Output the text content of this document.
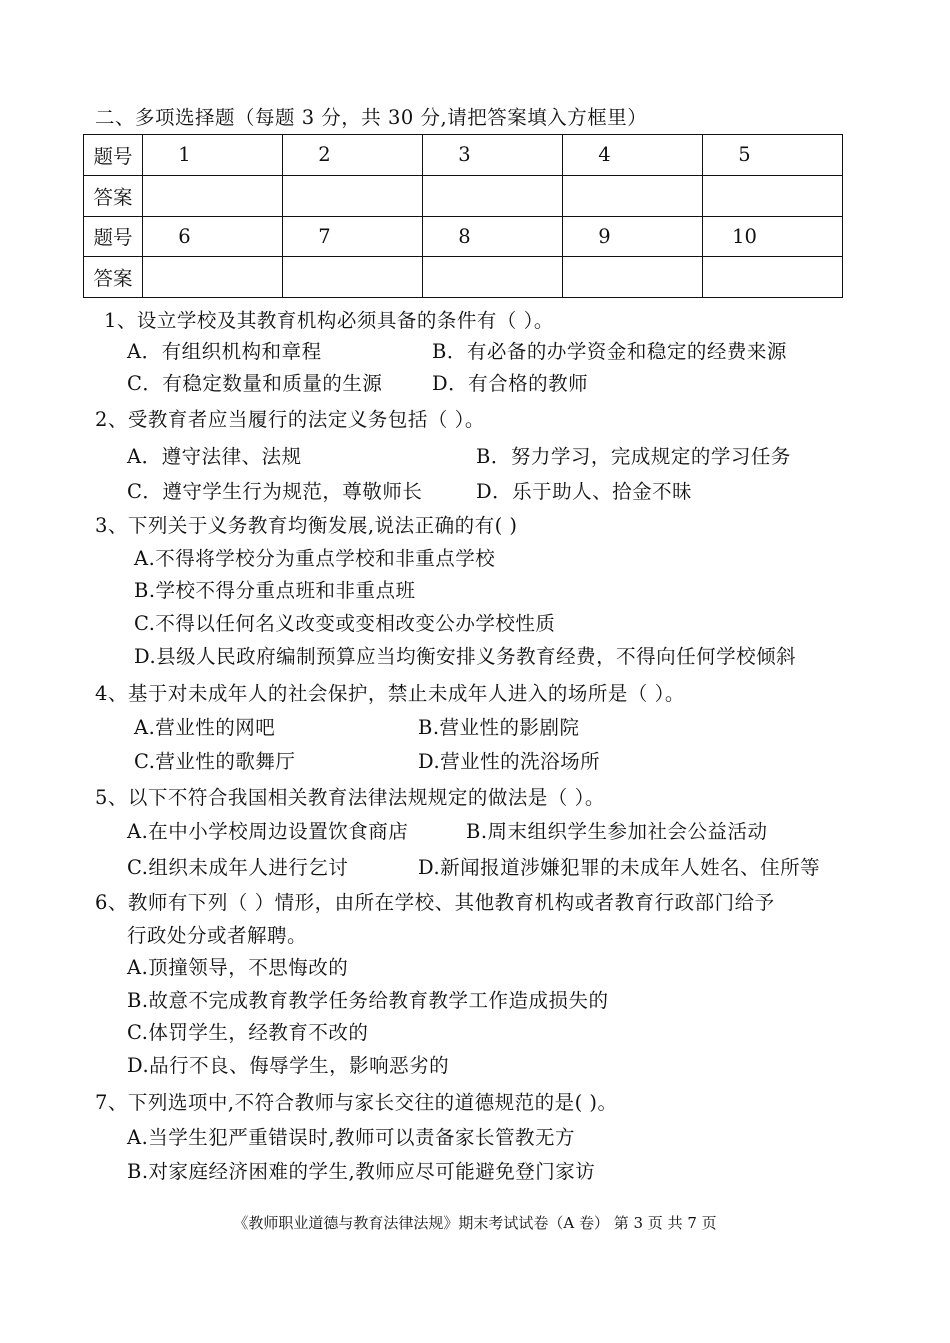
二、多项选择题（每题 3 分，共 30 分,请把答案填入方框里）
题号	1	2	3	4	5
答案					
题号	6	7	8	9	10
答案					
1、设立学校及其教育机构必须具备的条件有（ ）。
A．有组织机构和章程	B．有必备的办学资金和稳定的经费来源
C．有稳定数量和质量的生源	D．有合格的教师
2、受教育者应当履行的法定义务包括（ ）。
A．遵守法律、法规	B．努力学习，完成规定的学习任务
C．遵守学生行为规范，尊敬师长	D．乐于助人、拾金不昧
3、下列关于义务教育均衡发展,说法正确的有( )
A.不得将学校分为重点学校和非重点学校
B.学校不得分重点班和非重点班
C.不得以任何名义改变或变相改变公办学校性质
D.县级人民政府编制预算应当均衡安排义务教育经费，不得向任何学校倾斜
4、基于对未成年人的社会保护，禁止未成年人进入的场所是（ ）。
A.营业性的网吧	B.营业性的影剧院
C.营业性的歌舞厅	D.营业性的洗浴场所
5、以下不符合我国相关教育法律法规规定的做法是（ ）。
A.在中小学校周边设置饮食商店	B.周末组织学生参加社会公益活动
C.组织未成年人进行乞讨	D.新闻报道涉嫌犯罪的未成年人姓名、住所等
6、教师有下列（ ）情形，由所在学校、其他教育机构或者教育行政部门给予
行政处分或者解聘。
A.顶撞领导，不思悔改的
B.故意不完成教育教学任务给教育教学工作造成损失的
C.体罚学生，经教育不改的
D.品行不良、侮辱学生，影响恶劣的
7、下列选项中,不符合教师与家长交往的道德规范的是( )。
A.当学生犯严重错误时,教师可以责备家长管教无方
B.对家庭经济困难的学生,教师应尽可能避免登门家访
《教师职业道德与教育法律法规》期末考试试卷（A 卷） 第 3 页 共 7 页
